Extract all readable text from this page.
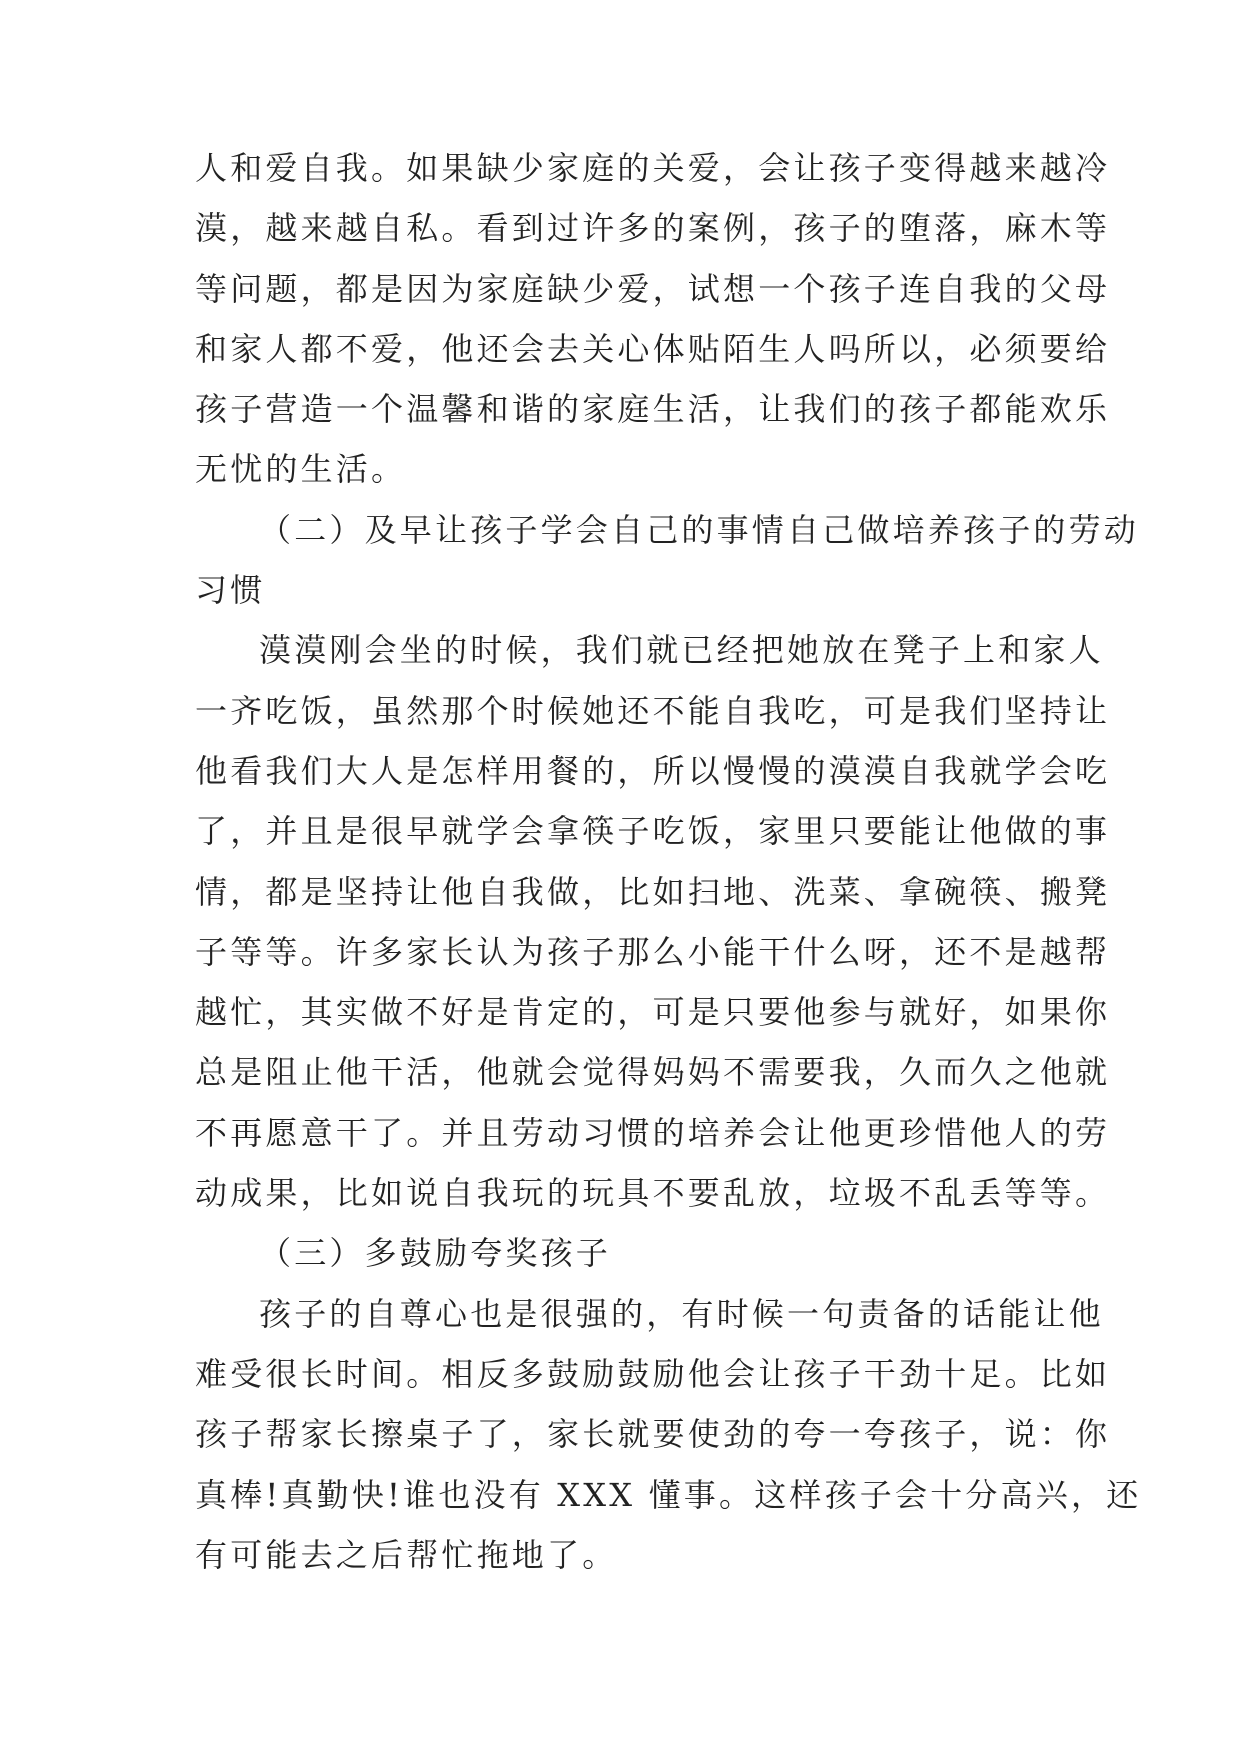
人和爱自我。如果缺少家庭的关爱，会让孩子变得越来越冷
漠，越来越自私。看到过许多的案例，孩子的堕落，麻木等
等问题，都是因为家庭缺少爱，试想一个孩子连自我的父母
和家人都不爱，他还会去关心体贴陌生人吗所以，必须要给
孩子营造一个温馨和谐的家庭生活，让我们的孩子都能欢乐
无忧的生活。
（二）及早让孩子学会自己的事情自己做培养孩子的劳动
习惯
漠漠刚会坐的时候，我们就已经把她放在凳子上和家人
一齐吃饭，虽然那个时候她还不能自我吃，可是我们坚持让
他看我们大人是怎样用餐的，所以慢慢的漠漠自我就学会吃
了，并且是很早就学会拿筷子吃饭，家里只要能让他做的事
情，都是坚持让他自我做，比如扫地、洗菜、拿碗筷、搬凳
子等等。许多家长认为孩子那么小能干什么呀，还不是越帮
越忙，其实做不好是肯定的，可是只要他参与就好，如果你
总是阻止他干活，他就会觉得妈妈不需要我，久而久之他就
不再愿意干了。并且劳动习惯的培养会让他更珍惜他人的劳
动成果，比如说自我玩的玩具不要乱放，垃圾不乱丢等等。
（三）多鼓励夸奖孩子
孩子的自尊心也是很强的，有时候一句责备的话能让他
难受很长时间。相反多鼓励鼓励他会让孩子干劲十足。比如
孩子帮家长擦桌子了，家长就要使劲的夸一夸孩子，说：你
真棒!真勤快!谁也没有 XXX 懂事。这样孩子会十分高兴，还
有可能去之后帮忙拖地了。
